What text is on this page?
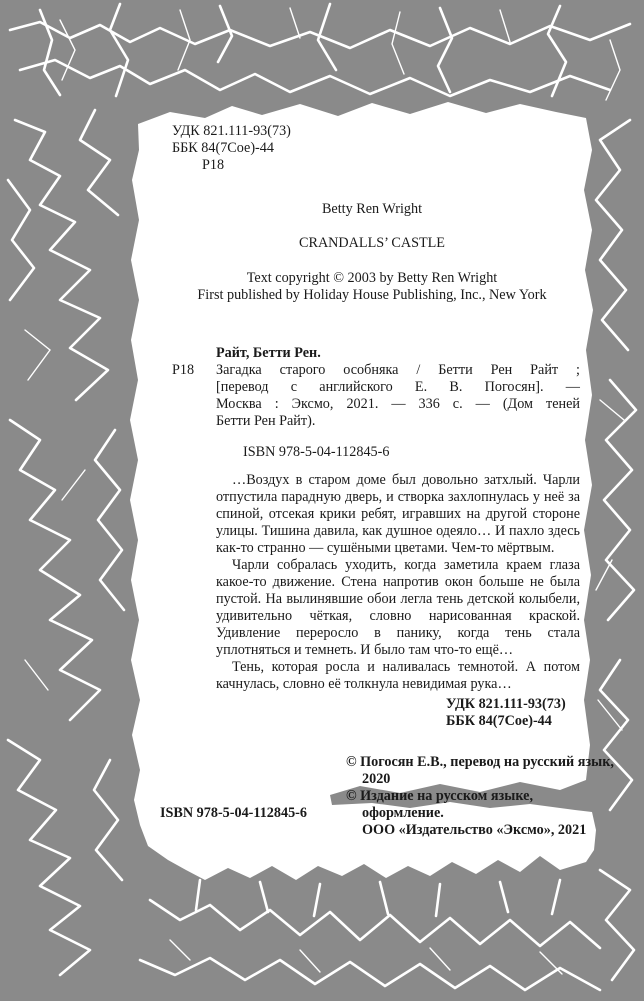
УДК 821.111-93(73)
ББК 84(7Сое)-44
Р18
Betty Ren Wright
CRANDALLS’ CASTLE
Text copyright © 2003 by Betty Ren Wright
First published by Holiday House Publishing, Inc., New York
Райт, Бетти Рен.
Р18 Загадка старого особняка / Бетти Рен Райт ;
[перевод с английского Е. В. Погосян]. —
Москва : Эксмо, 2021. — 336 с. — (Дом теней
Бетти Рен Райт).
ISBN 978-5-04-112845-6

…Воздух в старом доме был довольно затхлый. Чарли отпустила парадную дверь, и створка захлопнулась у неё за спиной, отсекая крики ребят, игравших на другой стороне улицы. Тишина давила, как душное одеяло… И пахло здесь как-то странно — сушёными цветами. Чем-то мёртвым.

Чарли собралась уходить, когда заметила краем глаза какое-то движение. Стена напротив окон больше не была пустой. На вылинявшие обои легла тень детской колыбели, удивительно чёткая, словно нарисованная краской. Удивление переросло в панику, когда тень стала уплотняться и темнеть. И было там что-то ещё…

Тень, которая росла и наливалась темнотой. А потом качнулась, словно её толкнула невидимая рука…

УДК 821.111-93(73)
ББК 84(7Сое)-44
© Погосян Е.В., перевод на русский язык,
2020
© Издание на русском языке, оформление.
ООО «Издательство «Эксмо», 2021
ISBN 978-5-04-112845-6
